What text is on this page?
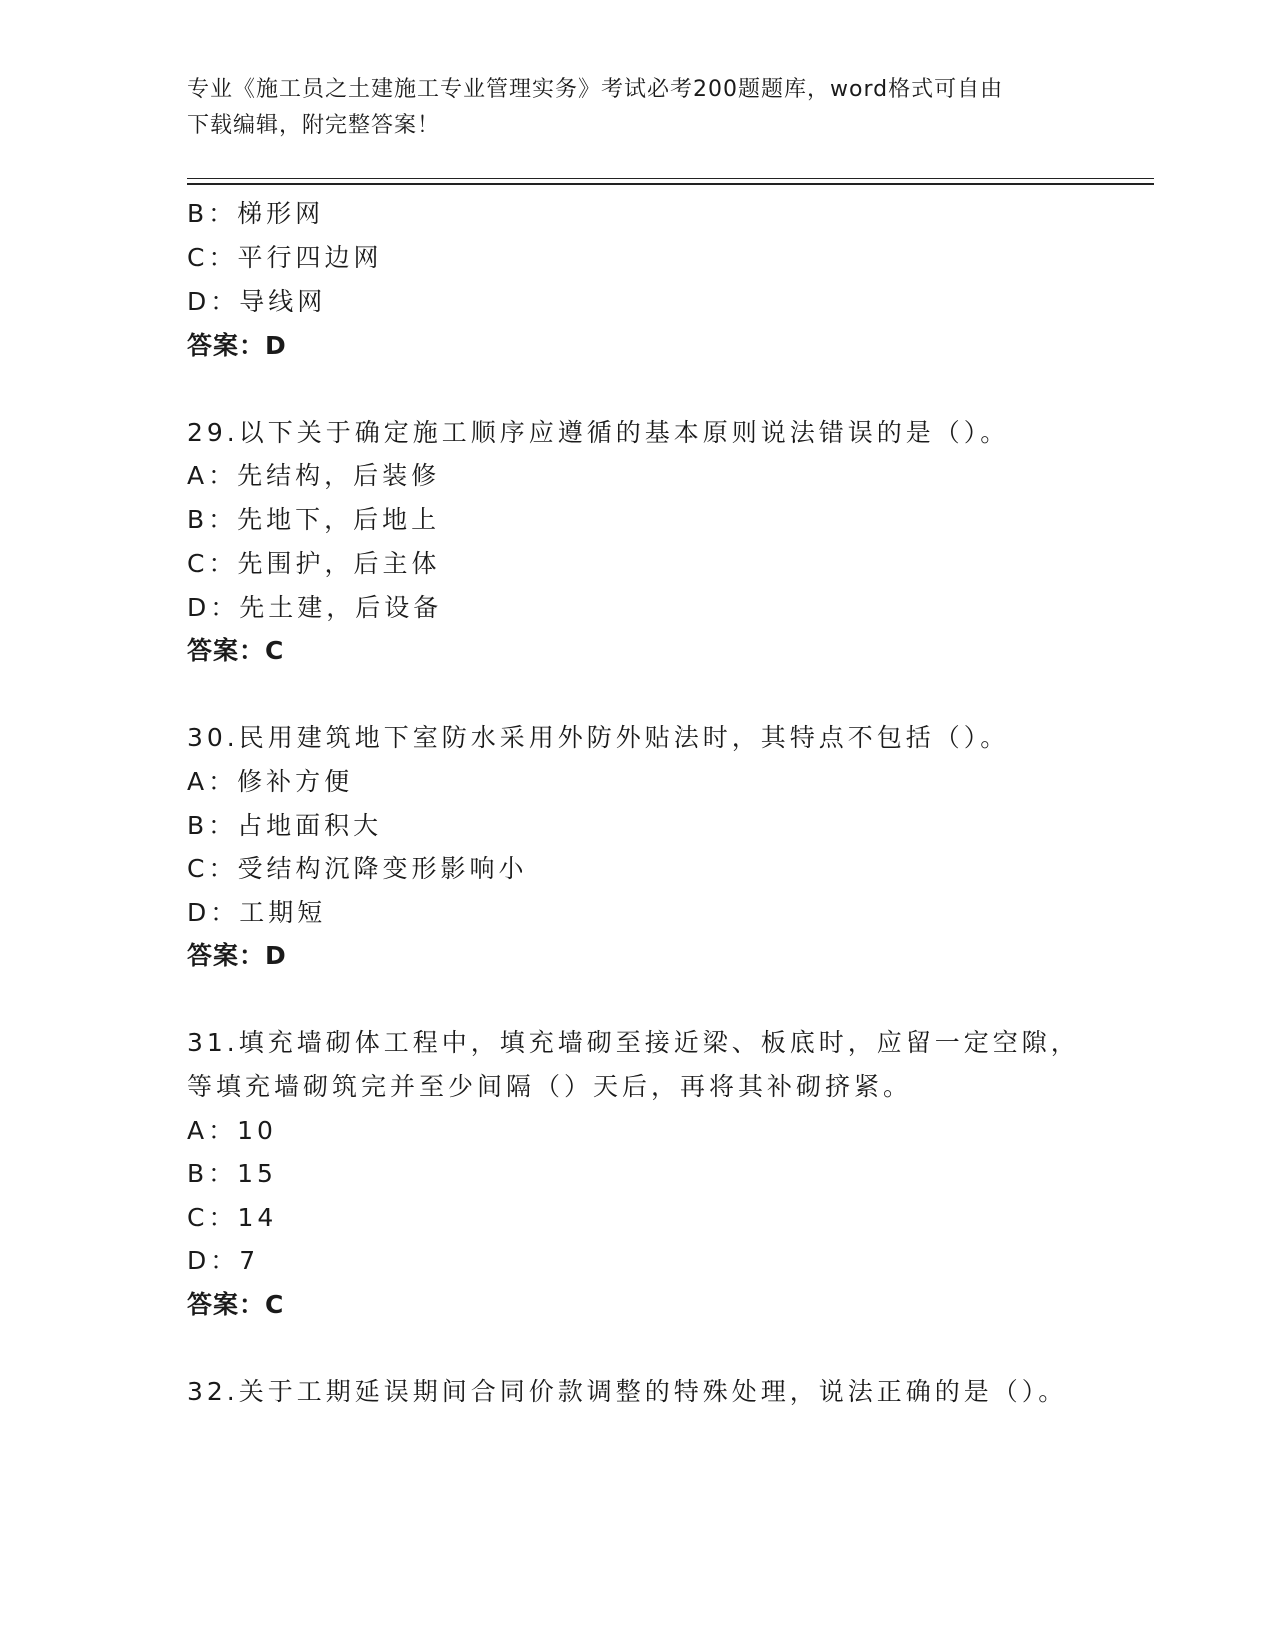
专业《施工员之土建施工专业管理实务》考试必考200题题库，word格式可自由
下载编辑，附完整答案！
B：梯形网
C：平行四边网
D：导线网
答案：D
29.以下关于确定施工顺序应遵循的基本原则说法错误的是（）。
A：先结构，后装修
B：先地下，后地上
C：先围护，后主体
D：先土建，后设备
答案：C
30.民用建筑地下室防水采用外防外贴法时，其特点不包括（）。
A：修补方便
B：占地面积大
C：受结构沉降变形影响小
D：工期短
答案：D
31.填充墙砌体工程中，填充墙砌至接近梁、板底时，应留一定空隙，
等填充墙砌筑完并至少间隔（）天后，再将其补砌挤紧。
A：10
B：15
C：14
D：7
答案：C
32.关于工期延误期间合同价款调整的特殊处理，说法正确的是（）。
